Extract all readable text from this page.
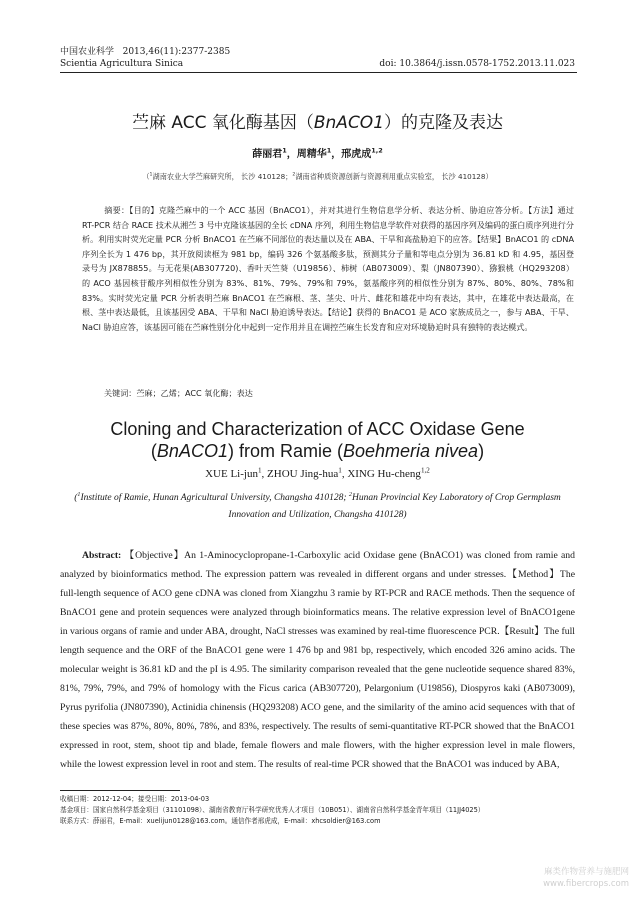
中国农业科学 2013,46(11):2377-2385
Scientia Agricultura Sinica	doi: 10.3864/j.issn.0578-1752.2013.11.023
苎麻 ACC 氧化酶基因（BnACO1）的克隆及表达
薛丽君$^1$，周精华$^1$，邢虎成$^{1,2}$
（$^1$湖南农业大学苎麻研究所， 长沙 410128；$^2$湖南省种质资源创新与资源利用重点实验室， 长沙 410128）
摘要：【目的】克隆苎麻中的一个 ACC 基因（BnACO1），并对其进行生物信息学分析、表达分析、胁迫应答分析。【方法】通过 RT-PCR 结合 RACE 技术从湘苎 3 号中克隆该基因的全长 cDNA 序列，利用生物信息学软件对获得的基因序列及编码的蛋白质序列进行分析。利用实时荧光定量 PCR 分析 BnACO1 在苎麻不同部位的表达量以及在 ABA、干旱和高盐胁迫下的应答。【结果】BnACO1 的 cDNA 序列全长为 1 476 bp，其开放阅读框为 981 bp，编码 326 个氨基酸多肽，预测其分子量和等电点分别为 36.81 kD 和 4.95，基因登录号为 JX878855。与无花果(AB307720)、香叶天竺葵（U19856）、柿树（AB073009）、梨（JN807390）、猕猴桃（HQ293208）的 ACO 基因核苷酸序列相似性分别为 83%、81%、79%、79%和 79%，氨基酸序列的相似性分别为 87%、80%、80%、78%和 83%。实时荧光定量 PCR 分析表明苎麻 BnACO1 在苎麻根、茎、茎尖、叶片、雌花和雄花中均有表达，其中，在雄花中表达最高，在根、茎中表达最低，且该基因受 ABA、干旱和 NaCl 胁迫诱导表达。【结论】获得的 BnACO1 是 ACO 家族成员之一，参与 ABA、干旱、NaCl 胁迫应答，该基因可能在苎麻性别分化中起到一定作用并且在调控苎麻生长发育和应对环境胁迫时具有独特的表达模式。
关键词：苎麻；乙烯；ACC 氧化酶；表达
Cloning and Characterization of ACC Oxidase Gene
(BnACO1) from Ramie (Boehmeria nivea)
XUE Li-jun$^1$, ZHOU Jing-hua$^1$, XING Hu-cheng$^{1,2}$
($^1$Institute of Ramie, Hunan Agricultural University, Changsha 410128; $^2$Hunan Provincial Key Laboratory of Crop Germplasm Innovation and Utilization, Changsha 410128)
Abstract: 【Objective】An 1-Aminocyclopropane-1-Carboxylic acid Oxidase gene (BnACO1) was cloned from ramie and analyzed by bioinformatics method. The expression pattern was revealed in different organs and under stresses.【Method】The full-length sequence of ACO gene cDNA was cloned from Xiangzhu 3 ramie by RT-PCR and RACE methods. Then the sequence of BnACO1 gene and protein sequences were analyzed through bioinformatics means. The relative expression level of BnACO1gene in various organs of ramie and under ABA, drought, NaCl stresses was examined by real-time fluorescence PCR.【Result】The full length sequence and the ORF of the BnACO1 gene were 1 476 bp and 981 bp, respectively, which encoded 326 amino acids. The molecular weight is 36.81 kD and the pI is 4.95. The similarity comparison revealed that the gene nucleotide sequence shared 83%, 81%, 79%, 79%, and 79% of homology with the Ficus carica (AB307720), Pelargonium (U19856), Diospyros kaki (AB073009), Pyrus pyrifolia (JN807390), Actinidia chinensis (HQ293208) ACO gene, and the similarity of the amino acid sequences with that of these species was 87%, 80%, 80%, 78%, and 83%, respectively. The results of semi-quantitative RT-PCR showed that the BnACO1 expressed in root, stem, shoot tip and blade, female flowers and male flowers, with the higher expression level in male flowers, while the lowest expression level in root and stem. The results of real-time PCR showed that the BnACO1 was induced by ABA,
收稿日期：2012-12-04；接受日期：2013-04-03
基金项目：国家自然科学基金项目（31101098）、湖南省教育厅科学研究优秀人才项目（10B051）、湖南省自然科学基金青年项目（11JJ4025）
联系方式：薛丽君，E-mail：xuelijun0128@163.com。通信作者邢虎成，E-mail：xhcsoldier@163.com
麻类作物营养与施肥网
www.fibercrops.com
